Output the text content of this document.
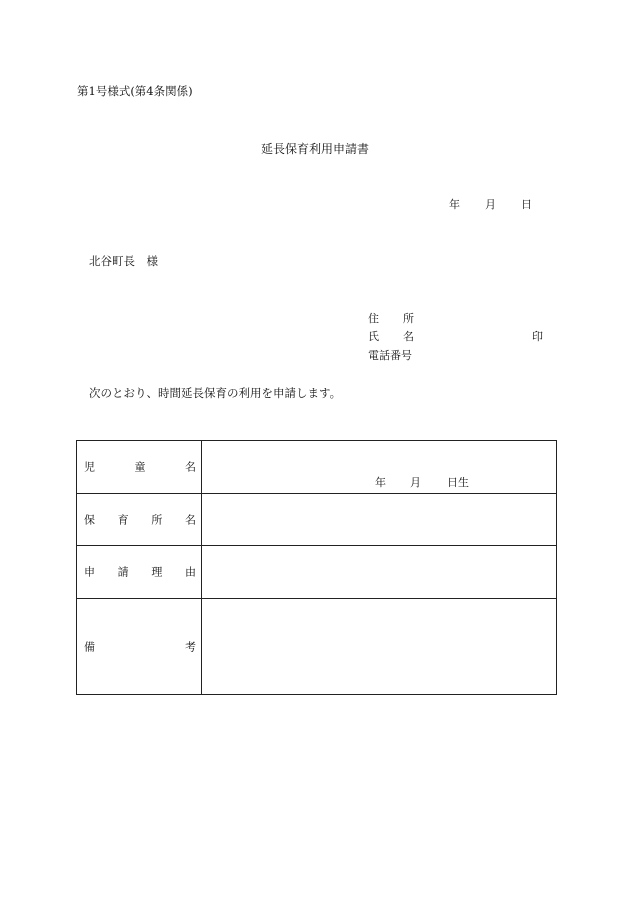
第1号様式(第4条関係)
延長保育利用申請書
年 月 日
北谷町長　様
住 所
氏 名
電話番号
印
次のとおり、時間延長保育の利用を申請します。
児	童	名
年 月 日生
保 育 所 名
申 請 理 由
備	考
